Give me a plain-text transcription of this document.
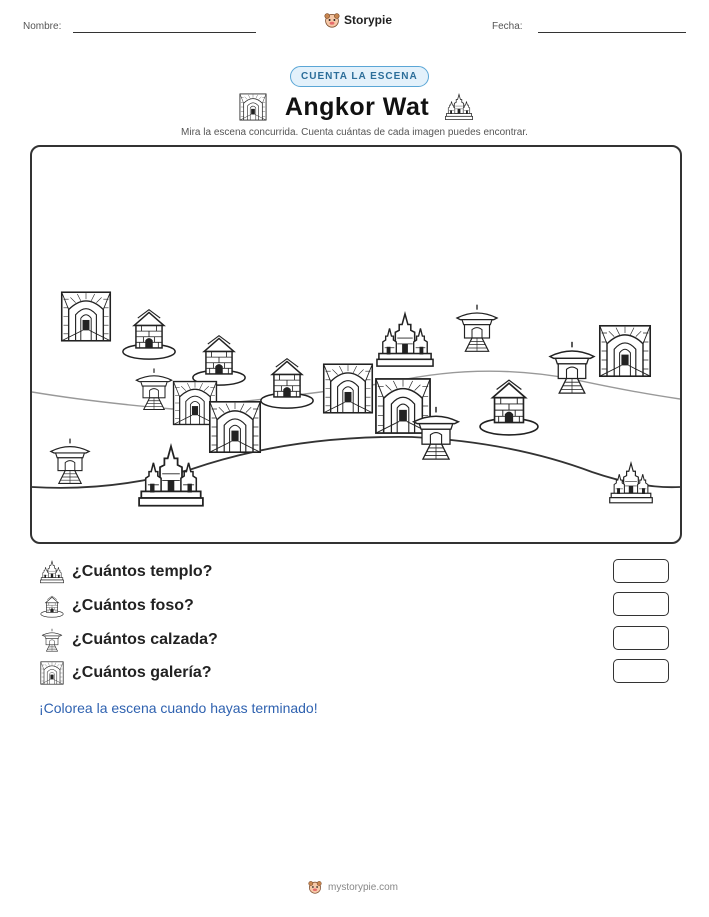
Nombre:	Storypie	Fecha:
CUENTA LA ESCENA
Angkor Wat
Mira la escena concurrida. Cuenta cuántas de cada imagen puedes encontrar.
¿Cuántos templo?
¿Cuántos foso?
¿Cuántos calzada?
¿Cuántos galería?
¡Colorea la escena cuando hayas terminado!
mystorypie.com
